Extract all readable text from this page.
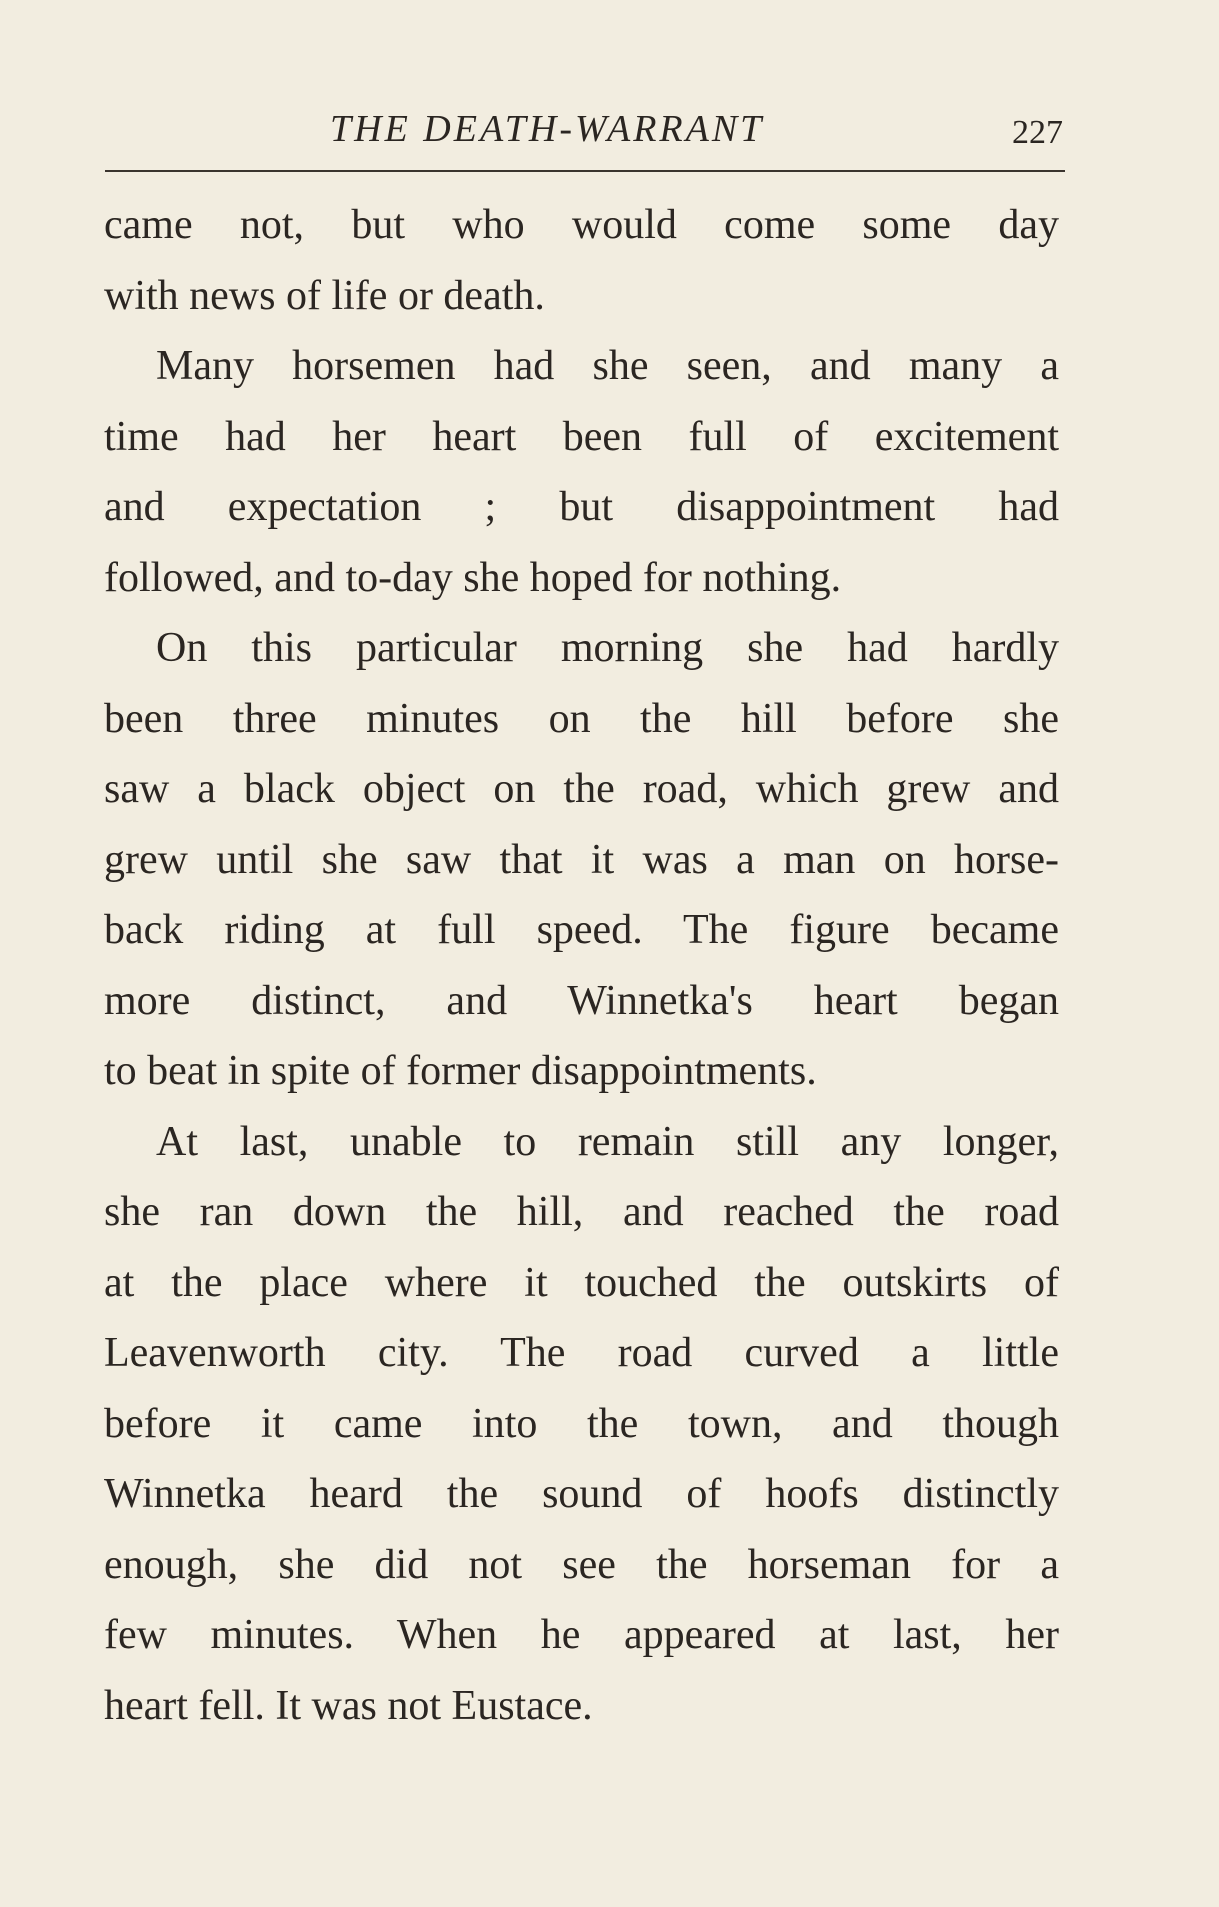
THE DEATH-WARRANT	227
came not, but who would come some day
with news of life or death.
Many horsemen had she seen, and many a
time had her heart been full of excitement
and expectation ; but disappointment had
followed, and to-day she hoped for nothing.
On this particular morning she had hardly
been three minutes on the hill before she
saw a black object on the road, which grew and
grew until she saw that it was a man on horse-
back riding at full speed. The figure became
more distinct, and Winnetka's heart began
to beat in spite of former disappointments.
At last, unable to remain still any longer,
she ran down the hill, and reached the road
at the place where it touched the outskirts of
Leavenworth city. The road curved a little
before it came into the town, and though
Winnetka heard the sound of hoofs distinctly
enough, she did not see the horseman for a
few minutes. When he appeared at last, her
heart fell. It was not Eustace.
